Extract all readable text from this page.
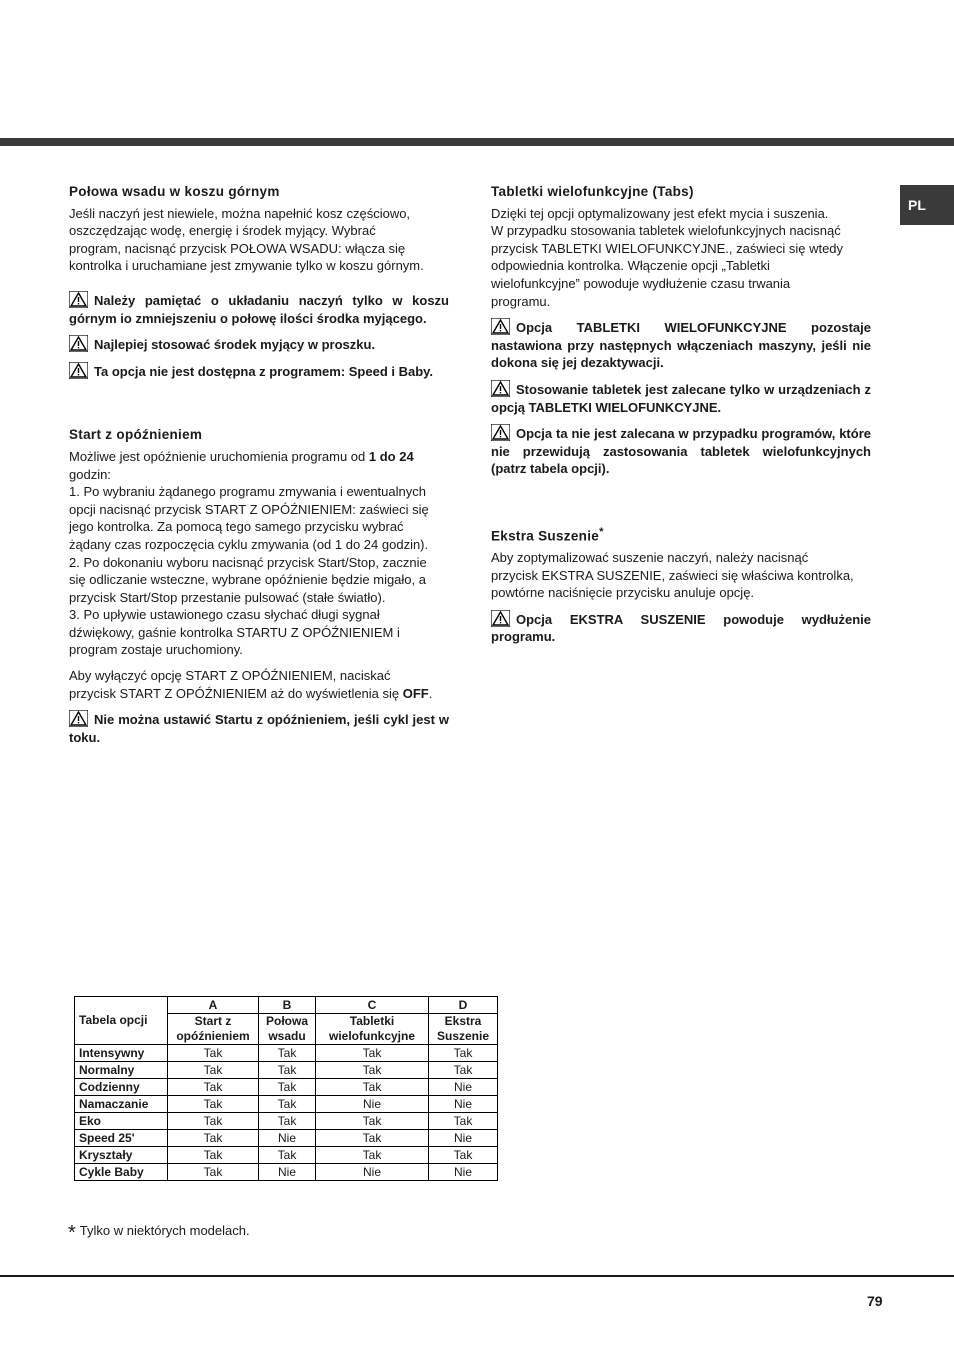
PL
Połowa wsadu w koszu górnym

Jeśli naczyń jest niewiele, można napełnić kosz częściowo,
oszczędzając wodę, energię i środek myjący. Wybrać
program, nacisnąć przycisk POŁOWA WSADU: włącza się
kontrolka i uruchamiane jest zmywanie tylko w koszu górnym.

Należy pamiętać o układaniu naczyń tylko w koszu górnym io zmniejszeniu o połowę ilości środka myjącego.

Najlepiej stosować środek myjący w proszku.

Ta opcja nie jest dostępna z programem: Speed i Baby.

Start z opóźnieniem

Możliwe jest opóźnienie uruchomienia programu od 1 do 24
godzin:
1. Po wybraniu żądanego programu zmywania i ewentualnych
opcji nacisnąć przycisk START Z OPÓŹNIENIEM: zaświeci się
jego kontrolka. Za pomocą tego samego przycisku wybrać
żądany czas rozpoczęcia cyklu zmywania (od 1 do 24 godzin).
2. Po dokonaniu wyboru nacisnąć przycisk Start/Stop, zacznie
się odliczanie wsteczne, wybrane opóźnienie będzie migało, a
przycisk Start/Stop przestanie pulsować (stałe światło).
3. Po upływie ustawionego czasu słychać długi sygnał
dźwiękowy, gaśnie kontrolka STARTU Z OPÓŹNIENIEM i
program zostaje uruchomiony.

Aby wyłączyć opcję START Z OPÓŹNIENIEM, naciskać
przycisk START Z OPÓŹNIENIEM aż do wyświetlenia się OFF.

Nie można ustawić Startu z opóźnieniem, jeśli cykl jest w toku.

Tabletki wielofunkcyjne (Tabs)

Dzięki tej opcji optymalizowany jest efekt mycia i suszenia.
W przypadku stosowania tabletek wielofunkcyjnych nacisnąć
przycisk TABLETKI WIELOFUNKCYJNE., zaświeci się wtedy
odpowiednia kontrolka. Włączenie opcji „Tabletki
wielofunkcyjne” powoduje wydłużenie czasu trwania
programu.

Opcja TABLETKI WIELOFUNKCYJNE pozostaje nastawiona przy następnych włączeniach maszyny, jeśli nie dokona się jej dezaktywacji.

Stosowanie tabletek jest zalecane tylko w urządzeniach z opcją TABLETKI WIELOFUNKCYJNE.

Opcja ta nie jest zalecana w przypadku programów, które nie przewidują zastosowania tabletek wielofunkcyjnych (patrz tabela opcji).

Ekstra Suszenie*

Aby zoptymalizować suszenie naczyń, należy nacisnąć
przycisk EKSTRA SUSZENIE, zaświeci się właściwa kontrolka,
powtórne naciśnięcie przycisku anuluje opcję.

Opcja EKSTRA SUSZENIE powoduje wydłużenie programu.

Tabela opcji	A	B	C	D

	Start z
opóźnieniem	Połowa
wsadu	Tabletki
wielofunkcyjne	Ekstra
Suszenie

Intensywny	Tak	Tak	Tak	Tak
Normalny	Tak	Tak	Tak	Tak
Codzienny	Tak	Tak	Tak	Nie
Namaczanie	Tak	Tak	Nie	Nie
Eko	Tak	Tak	Tak	Tak
Speed 25'	Tak	Nie	Tak	Nie
Kryształy	Tak	Tak	Tak	Tak
Cykle Baby	Tak	Nie	Nie	Nie
* Tylko w niektórych modelach.
79
